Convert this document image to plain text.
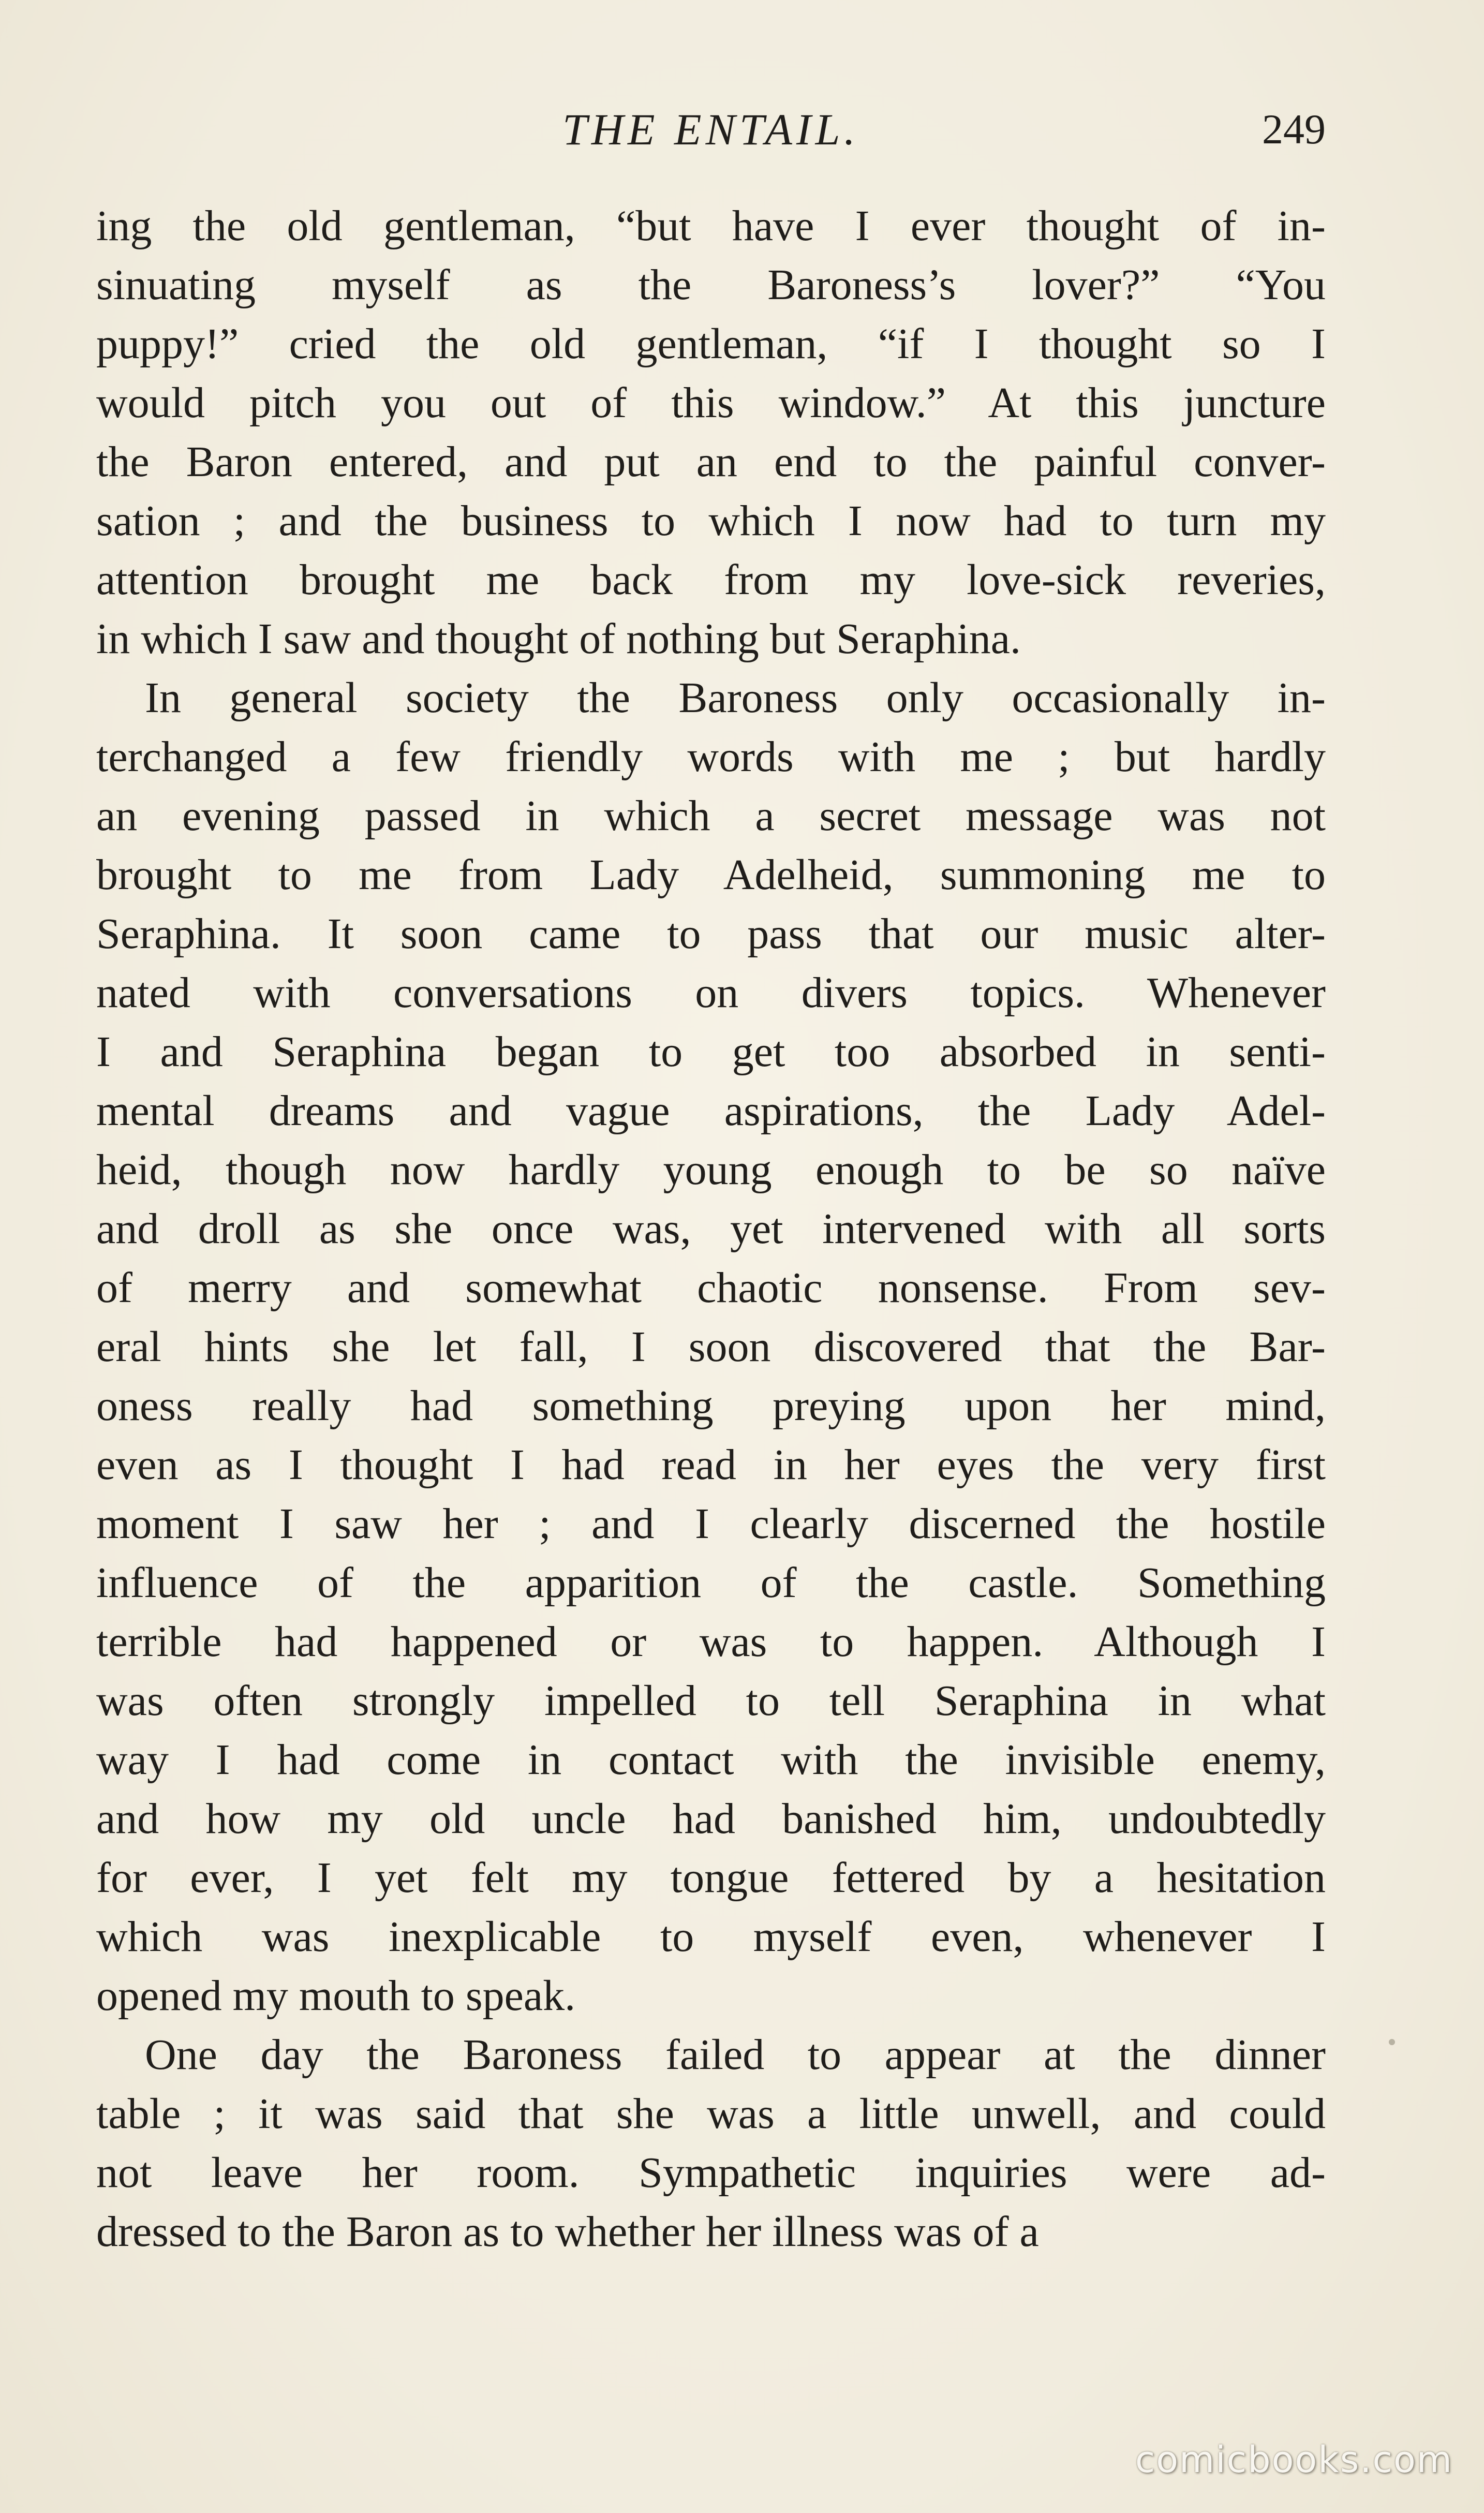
THE ENTAIL.	249
ing the old gentleman, “but have I ever thought of in-
sinuating myself as the Baroness’s lover?” “You
puppy!” cried the old gentleman, “if I thought so I
would pitch you out of this window.” At this juncture
the Baron entered, and put an end to the painful conver-
sation ; and the business to which I now had to turn my
attention brought me back from my love-sick reveries,
in which I saw and thought of nothing but Seraphina.
In general society the Baroness only occasionally in-
terchanged a few friendly words with me ; but hardly
an evening passed in which a secret message was not
brought to me from Lady Adelheid, summoning me to
Seraphina. It soon came to pass that our music alter-
nated with conversations on divers topics. Whenever
I and Seraphina began to get too absorbed in senti-
mental dreams and vague aspirations, the Lady Adel-
heid, though now hardly young enough to be so naïve
and droll as she once was, yet intervened with all sorts
of merry and somewhat chaotic nonsense. From sev-
eral hints she let fall, I soon discovered that the Bar-
oness really had something preying upon her mind,
even as I thought I had read in her eyes the very first
moment I saw her ; and I clearly discerned the hostile
influence of the apparition of the castle. Something
terrible had happened or was to happen. Although I
was often strongly impelled to tell Seraphina in what
way I had come in contact with the invisible enemy,
and how my old uncle had banished him, undoubtedly
for ever, I yet felt my tongue fettered by a hesitation
which was inexplicable to myself even, whenever I
opened my mouth to speak.
One day the Baroness failed to appear at the dinner
table ; it was said that she was a little unwell, and could
not leave her room. Sympathetic inquiries were ad-
dressed to the Baron as to whether her illness was of a
comicbooks.com
